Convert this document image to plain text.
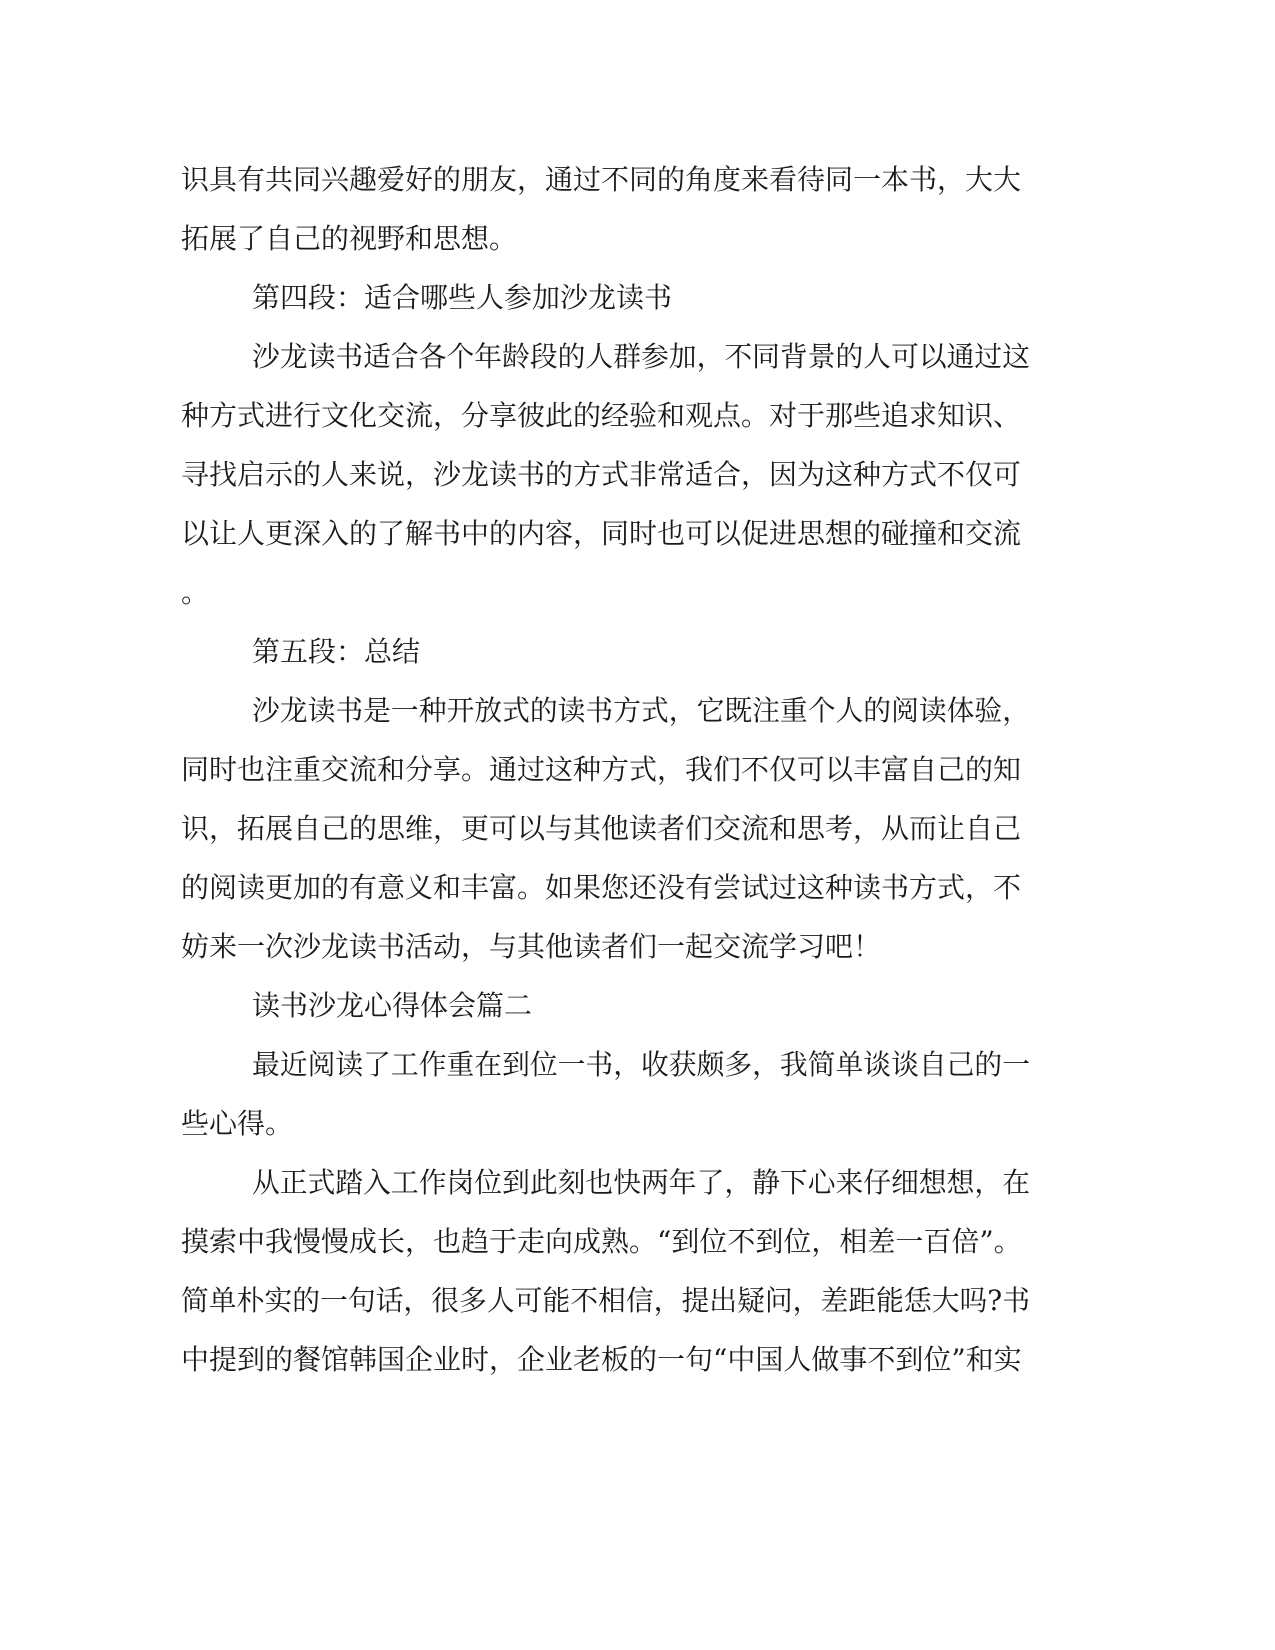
识具有共同兴趣爱好的朋友，通过不同的角度来看待同一本书，大大
拓展了自己的视野和思想。
第四段：适合哪些人参加沙龙读书
沙龙读书适合各个年龄段的人群参加，不同背景的人可以通过这
种方式进行文化交流，分享彼此的经验和观点。对于那些追求知识、
寻找启示的人来说，沙龙读书的方式非常适合，因为这种方式不仅可
以让人更深入的了解书中的内容，同时也可以促进思想的碰撞和交流
。
第五段：总结
沙龙读书是一种开放式的读书方式，它既注重个人的阅读体验，
同时也注重交流和分享。通过这种方式，我们不仅可以丰富自己的知
识，拓展自己的思维，更可以与其他读者们交流和思考，从而让自己
的阅读更加的有意义和丰富。如果您还没有尝试过这种读书方式，不
妨来一次沙龙读书活动，与其他读者们一起交流学习吧！
读书沙龙心得体会篇二
最近阅读了工作重在到位一书，收获颇多，我简单谈谈自己的一
些心得。
从正式踏入工作岗位到此刻也快两年了，静下心来仔细想想，在
摸索中我慢慢成长，也趋于走向成熟。“到位不到位，相差一百倍”。
简单朴实的一句话，很多人可能不相信，提出疑问，差距能恁大吗?书
中提到的餐馆韩国企业时，企业老板的一句“中国人做事不到位”和实
